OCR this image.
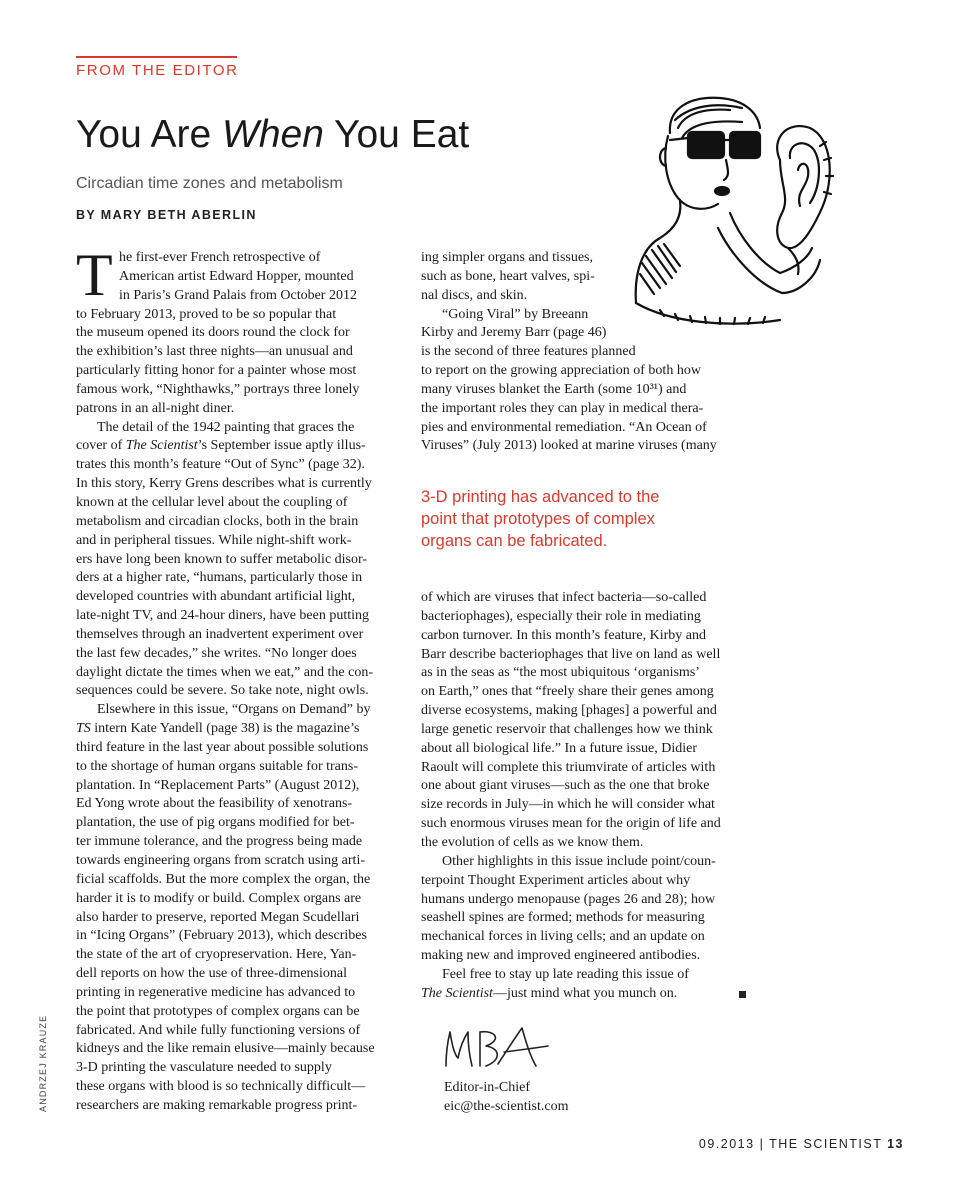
FROM THE EDITOR
You Are When You Eat
Circadian time zones and metabolism
BY MARY BETH ABERLIN
T he first-ever French retrospective of
American artist Edward Hopper, mounted
in Paris’s Grand Palais from October 2012
to February 2013, proved to be so popular that
the museum opened its doors round the clock for
the exhibition’s last three nights—an unusual and
particularly fitting honor for a painter whose most
famous work, “Nighthawks,” portrays three lonely
patrons in an all-night diner.
The detail of the 1942 painting that graces the
cover of The Scientist’s September issue aptly illus-
trates this month’s feature “Out of Sync” (page 32).
In this story, Kerry Grens describes what is currently
known at the cellular level about the coupling of
metabolism and circadian clocks, both in the brain
and in peripheral tissues. While night-shift work-
ers have long been known to suffer metabolic disor-
ders at a higher rate, “humans, particularly those in
developed countries with abundant artificial light,
late-night TV, and 24-hour diners, have been putting
themselves through an inadvertent experiment over
the last few decades,” she writes. “No longer does
daylight dictate the times when we eat,” and the con-
sequences could be severe. So take note, night owls.
Elsewhere in this issue, “Organs on Demand” by
TS intern Kate Yandell (page 38) is the magazine’s
third feature in the last year about possible solutions
to the shortage of human organs suitable for trans-
plantation. In “Replacement Parts” (August 2012),
Ed Yong wrote about the feasibility of xenotrans-
plantation, the use of pig organs modified for bet-
ter immune tolerance, and the progress being made
towards engineering organs from scratch using arti-
ficial scaffolds. But the more complex the organ, the
harder it is to modify or build. Complex organs are
also harder to preserve, reported Megan Scudellari
in “Icing Organs” (February 2013), which describes
the state of the art of cryopreservation. Here, Yan-
dell reports on how the use of three-dimensional
printing in regenerative medicine has advanced to
the point that prototypes of complex organs can be
fabricated. And while fully functioning versions of
kidneys and the like remain elusive—mainly because
3-D printing the vasculature needed to supply
these organs with blood is so technically difficult—
researchers are making remarkable progress print-
ing simpler organs and tissues,
such as bone, heart valves, spi-
nal discs, and skin.
“Going Viral” by Breeann
Kirby and Jeremy Barr (page 46)
is the second of three features planned
to report on the growing appreciation of both how
many viruses blanket the Earth (some 10³¹) and
the important roles they can play in medical thera-
pies and environmental remediation. “An Ocean of
Viruses” (July 2013) looked at marine viruses (many
3-D printing has advanced to the
point that prototypes of complex
organs can be fabricated.
of which are viruses that infect bacteria—so-called
bacteriophages), especially their role in mediating
carbon turnover. In this month’s feature, Kirby and
Barr describe bacteriophages that live on land as well
as in the seas as “the most ubiquitous ‘organisms’
on Earth,” ones that “freely share their genes among
diverse ecosystems, making [phages] a powerful and
large genetic reservoir that challenges how we think
about all biological life.” In a future issue, Didier
Raoult will complete this triumvirate of articles with
one about giant viruses—such as the one that broke
size records in July—in which he will consider what
such enormous viruses mean for the origin of life and
the evolution of cells as we know them.
Other highlights in this issue include point/coun-
terpoint Thought Experiment articles about why
humans undergo menopause (pages 26 and 28); how
seashell spines are formed; methods for measuring
mechanical forces in living cells; and an update on
making new and improved engineered antibodies.
Feel free to stay up late reading this issue of
The Scientist—just mind what you munch on.
Editor-in-Chief
eic@the-scientist.com
ANDRZEJ KRAUZE
09.2013 | THE SCIENTIST 13
